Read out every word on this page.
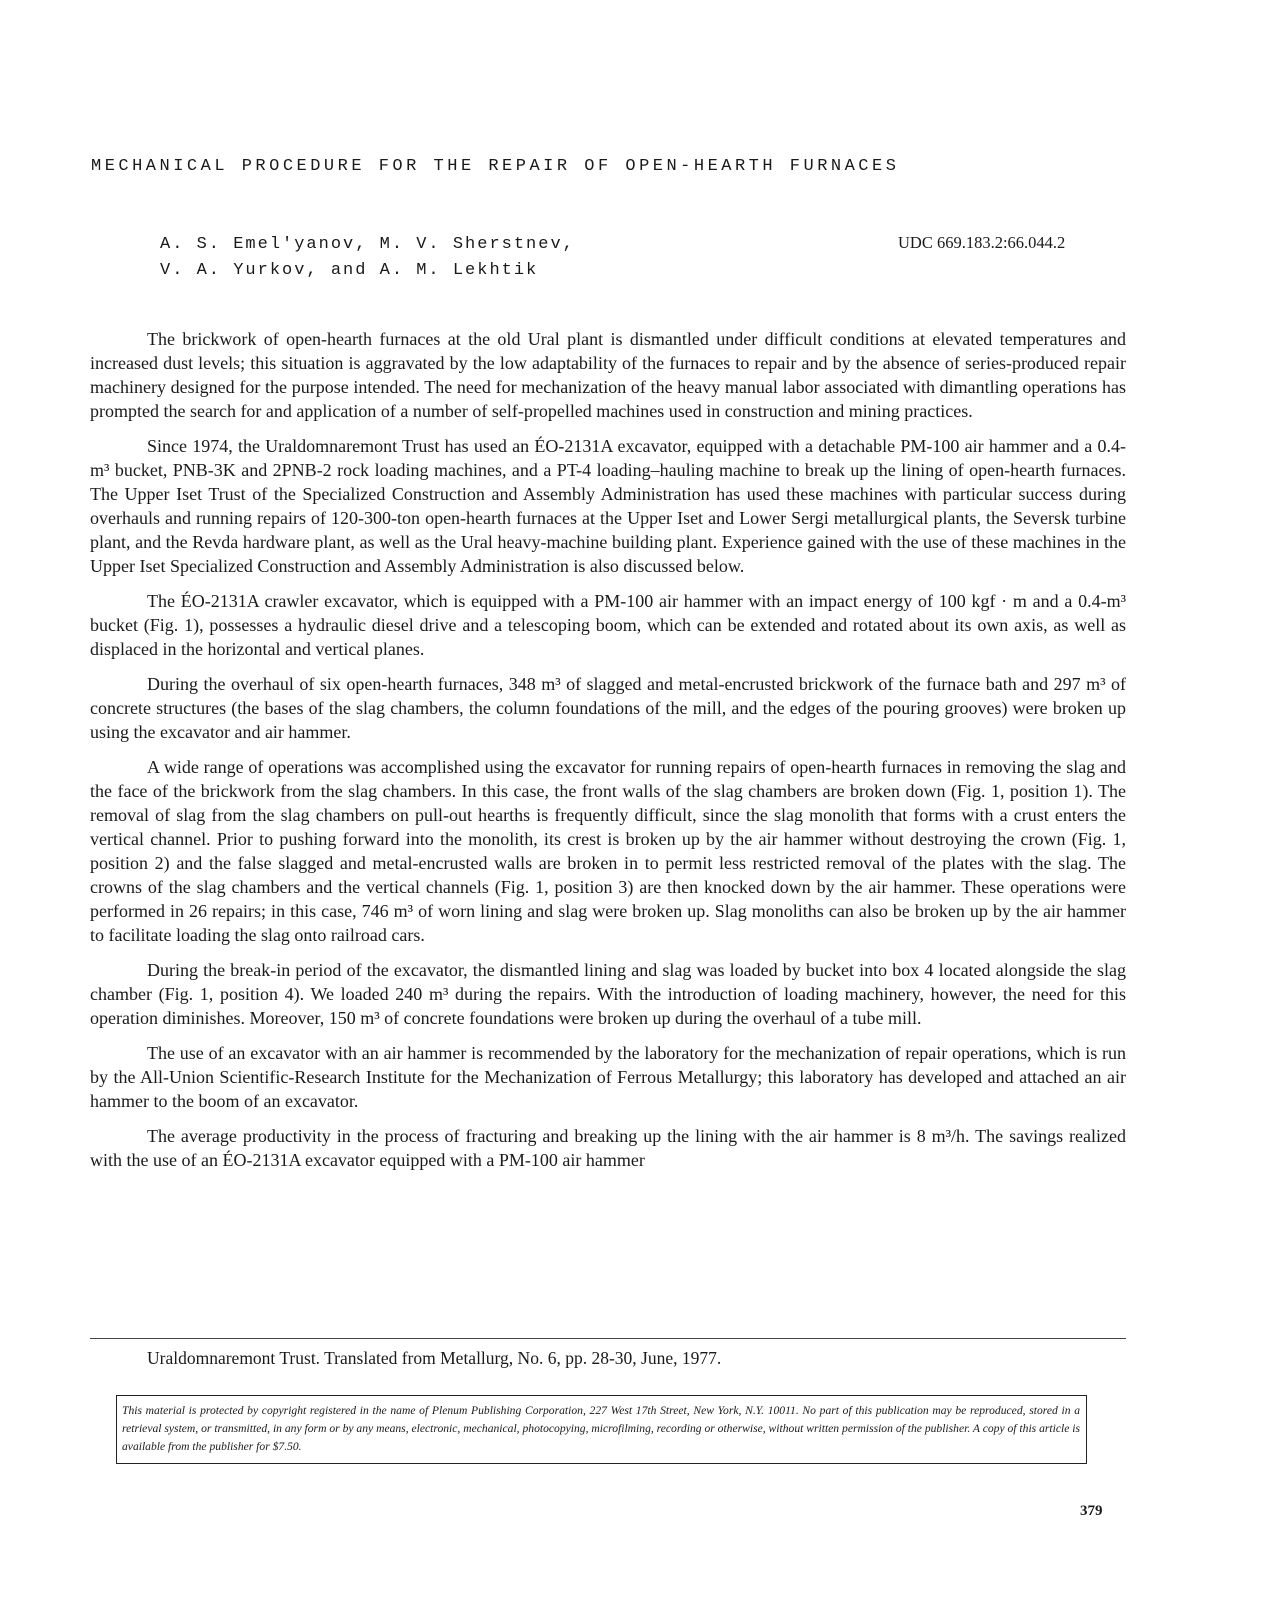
MECHANICAL PROCEDURE FOR THE REPAIR OF OPEN-HEARTH FURNACES
A. S. Emel'yanov, M. V. Sherstnev,
V. A. Yurkov, and A. M. Lekhtik
UDC 669.183.2:66.044.2

The brickwork of open-hearth furnaces at the old Ural plant is dismantled under difficult conditions at elevated temperatures and increased dust levels; this situation is aggravated by the low adaptability of the furnaces to repair and by the absence of series-produced repair machinery designed for the purpose intended. The need for mechanization of the heavy manual labor associated with dimantling operations has prompted the search for and application of a number of self-propelled machines used in construction and mining practices.

Since 1974, the Uraldomnaremont Trust has used an ÉO-2131A excavator, equipped with a detachable PM-100 air hammer and a 0.4-m³ bucket, PNB-3K and 2PNB-2 rock loading machines, and a PT-4 loading–hauling machine to break up the lining of open-hearth furnaces. The Upper Iset Trust of the Specialized Construction and Assembly Administration has used these machines with particular success during overhauls and running repairs of 120-300-ton open-hearth furnaces at the Upper Iset and Lower Sergi metallurgical plants, the Seversk turbine plant, and the Revda hardware plant, as well as the Ural heavy-machine building plant. Experience gained with the use of these machines in the Upper Iset Specialized Construction and Assembly Administration is also discussed below.

The ÉO-2131A crawler excavator, which is equipped with a PM-100 air hammer with an impact energy of 100 kgf · m and a 0.4-m³ bucket (Fig. 1), possesses a hydraulic diesel drive and a telescoping boom, which can be extended and rotated about its own axis, as well as displaced in the horizontal and vertical planes.

During the overhaul of six open-hearth furnaces, 348 m³ of slagged and metal-encrusted brickwork of the furnace bath and 297 m³ of concrete structures (the bases of the slag chambers, the column foundations of the mill, and the edges of the pouring grooves) were broken up using the excavator and air hammer.

A wide range of operations was accomplished using the excavator for running repairs of open-hearth furnaces in removing the slag and the face of the brickwork from the slag chambers. In this case, the front walls of the slag chambers are broken down (Fig. 1, position 1). The removal of slag from the slag chambers on pull-out hearths is frequently difficult, since the slag monolith that forms with a crust enters the vertical channel. Prior to pushing forward into the monolith, its crest is broken up by the air hammer without destroying the crown (Fig. 1, position 2) and the false slagged and metal-encrusted walls are broken in to permit less restricted removal of the plates with the slag. The crowns of the slag chambers and the vertical channels (Fig. 1, position 3) are then knocked down by the air hammer. These operations were performed in 26 repairs; in this case, 746 m³ of worn lining and slag were broken up. Slag monoliths can also be broken up by the air hammer to facilitate loading the slag onto railroad cars.

During the break-in period of the excavator, the dismantled lining and slag was loaded by bucket into box 4 located alongside the slag chamber (Fig. 1, position 4). We loaded 240 m³ during the repairs. With the introduction of loading machinery, however, the need for this operation diminishes. Moreover, 150 m³ of concrete foundations were broken up during the overhaul of a tube mill.

The use of an excavator with an air hammer is recommended by the laboratory for the mechanization of repair operations, which is run by the All-Union Scientific-Research Institute for the Mechanization of Ferrous Metallurgy; this laboratory has developed and attached an air hammer to the boom of an excavator.

The average productivity in the process of fracturing and breaking up the lining with the air hammer is 8 m³/h. The savings realized with the use of an ÉO-2131A excavator equipped with a PM-100 air hammer

Uraldomnaremont Trust. Translated from Metallurg, No. 6, pp. 28-30, June, 1977.
This material is protected by copyright registered in the name of Plenum Publishing Corporation, 227 West 17th Street, New York, N.Y. 10011. No part of this publication may be reproduced, stored in a retrieval system, or transmitted, in any form or by any means, electronic, mechanical, photocopying, microfilming, recording or otherwise, without written permission of the publisher. A copy of this article is available from the publisher for $7.50.
379
